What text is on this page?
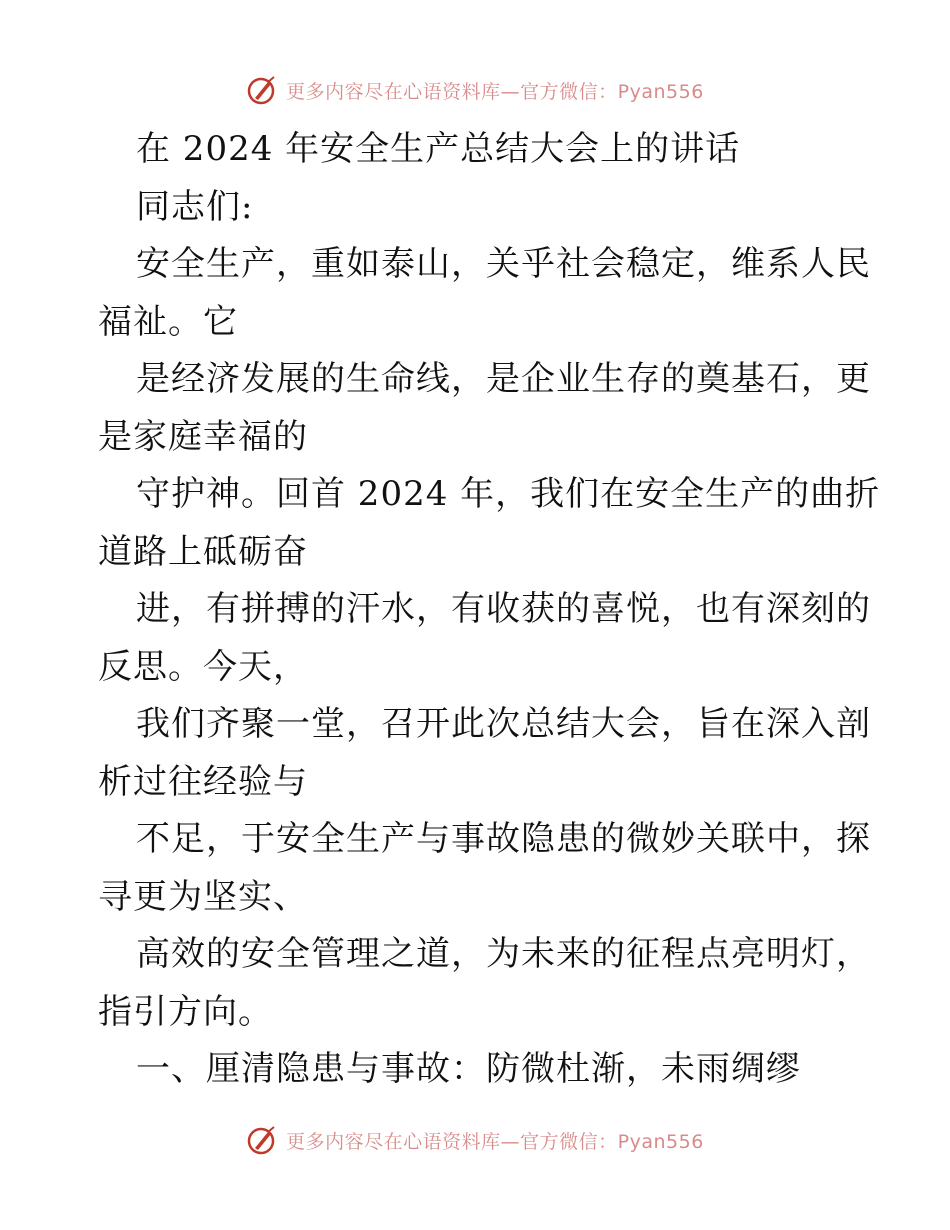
更多内容尽在心语资料库—官方微信：Pyan556
在 2024 年安全生产总结大会上的讲话
同志们:
安全生产，重如泰山，关乎社会稳定，维系人民
福祉。它
是经济发展的生命线，是企业生存的奠基石，更
是家庭幸福的
守护神。回首 2024 年，我们在安全生产的曲折
道路上砥砺奋
进，有拼搏的汗水，有收获的喜悦，也有深刻的
反思。今天，
我们齐聚一堂，召开此次总结大会，旨在深入剖
析过往经验与
不足，于安全生产与事故隐患的微妙关联中，探
寻更为坚实、
高效的安全管理之道，为未来的征程点亮明灯，
指引方向。
一、厘清隐患与事故：防微杜渐，未雨绸缪
更多内容尽在心语资料库—官方微信：Pyan556
